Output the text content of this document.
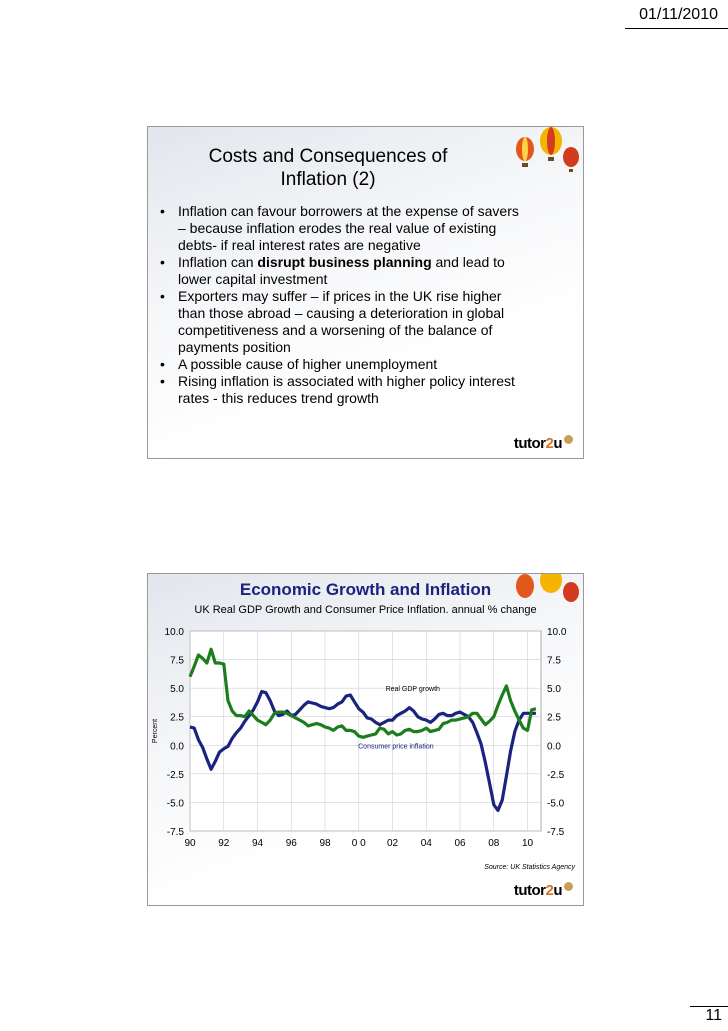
01/11/2010
Costs and Consequences of
Inflation (2)
• Inflation can favour borrowers at the expense of savers – because inflation erodes the real value of existing debts- if real interest rates are negative
• Inflation can disrupt business planning and lead to lower capital investment
• Exporters may suffer – if prices in the UK rise higher than those abroad – causing a deterioration in global competitiveness and a worsening of the balance of payments position
• A possible cause of higher unemployment
• Rising inflation is associated with higher policy interest rates - this reduces trend growth
tutor2u
Economic Growth and Inflation
UK Real GDP Growth and Consumer Price Inflation. annual % change
90 92 94 96 98 0 0 02 04 06 08 10
10.0	10.0
7.5	7.5
5.0	5.0
2.5	2.5
0.0	0.0
-2.5	-2.5
-5.0	-5.0
-7.5	-7.5
Percent
Real GDP growth
Consumer price inflation
Source: UK Statistics Agency
tutor2u
11
